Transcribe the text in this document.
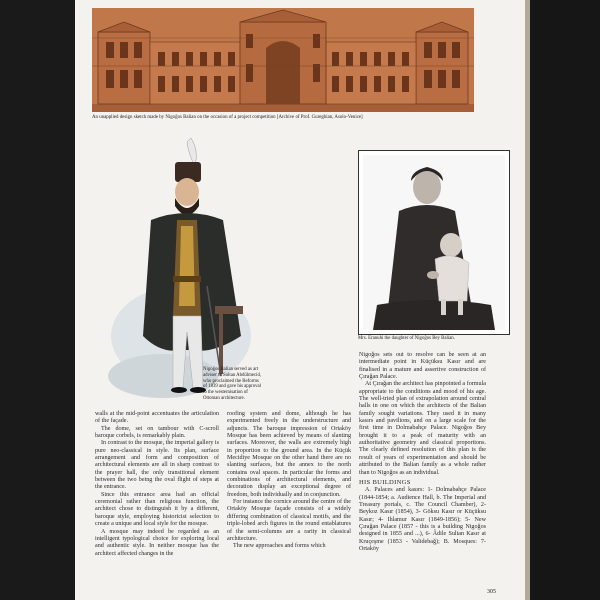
An unapplied design sketch made by Nigoğos Balian on the occasion of a project competition [Archive of Prof. Gureghian, Asolo-Venice]
Nigoğos Balian served as art adviser to Sultan Abdülmecid, who proclaimed the Reforms of 1839 and gave his approval to the westernisation of Ottoman architecture.
Mrs. Eranuhi the daughter of Nigoğos Bey Balian.

walls at the mid-point accentuates the articulation of the façade.

The dome, set on tambour with C-scroll baroque corbels, is remarkably plain.

In contrast to the mosque, the imperial gallery is pure neo-classical in style. Its plan, surface arrangement and form and composition of architectural elements are all in sharp contrast to the prayer hall, the only transitional element between the two being the oval flight of steps at the entrance.

Since this entrance area had an official ceremonial rather than religious function, the architect chose to distinguish it by a different, baroque style, employing historicist selection to create a unique and local style for the mosque.

A mosque may indeed be regarded as an intelligent typological choice for exploring local and authentic style. In neither mosque has the architect affected changes in the

roofing system and dome, although he has experimented freely in the understructure and adjuncts. The baroque impression of Ortaköy Mosque has been achieved by means of slanting surfaces. Moreover, the walls are extremely high in proportion to the ground area. In the Küçük Mecidiye Mosque on the other hand there are no slanting surfaces, but the annex to the north contains oval spaces. In particular the forms and combinations of architectural elements, and decoration display an exceptional degree of freedom, both individually and in conjunction.

For instance the cornice around the centre of the Ortaköy Mosque façade consists of a widely differing combination of classical motifs, and the triple-lobed arch figures in the round entablatures of the semi-columns are a rarity in classical architecture.

The new approaches and forms which

Nigoğos sets out to resolve can be seen at an intermediate point in Küçüksu Kasır and are finalised in a mature and assertive construction of Çırağan Palace.

At Çırağan the architect has pinpointed a formula appropriate to the conditions and mood of his age. The well-tried plan of extrapolation around central halls in one on which the architects of the Balian family sought variations. They used it in many kasırs and pavilions, and on a large scale for the first time in Dolmabahçe Palace. Nigoğos Bey brought it to a peak of maturity with an authoritative geometry and classical proportions. The clearly defined resolution of this plan is the result of years of experimentation and should be attributed to the Balian family as a whole rather than to Nigoğos as an individual.

HIS BUILDINGS

A. Palaces and kasırs: 1- Dolmabahçe Palace (1844-1854; a. Audience Hall, b. The Imperial and Treasury portals, c. The Council Chamber), 2- Beykoz Kasır (1854), 3- Göksu Kasır or Küçüksu Kasır; 4- Ihlamur Kasır (1849-1856); 5- New Çırağan Palace (1857 - this is a building Nigoğos designed in 1855 and ...), 6- Âdile Sultan Kasır at Kruçeşme (1853 - Validebağ); B. Mosques: 7- Ortaköy

305
